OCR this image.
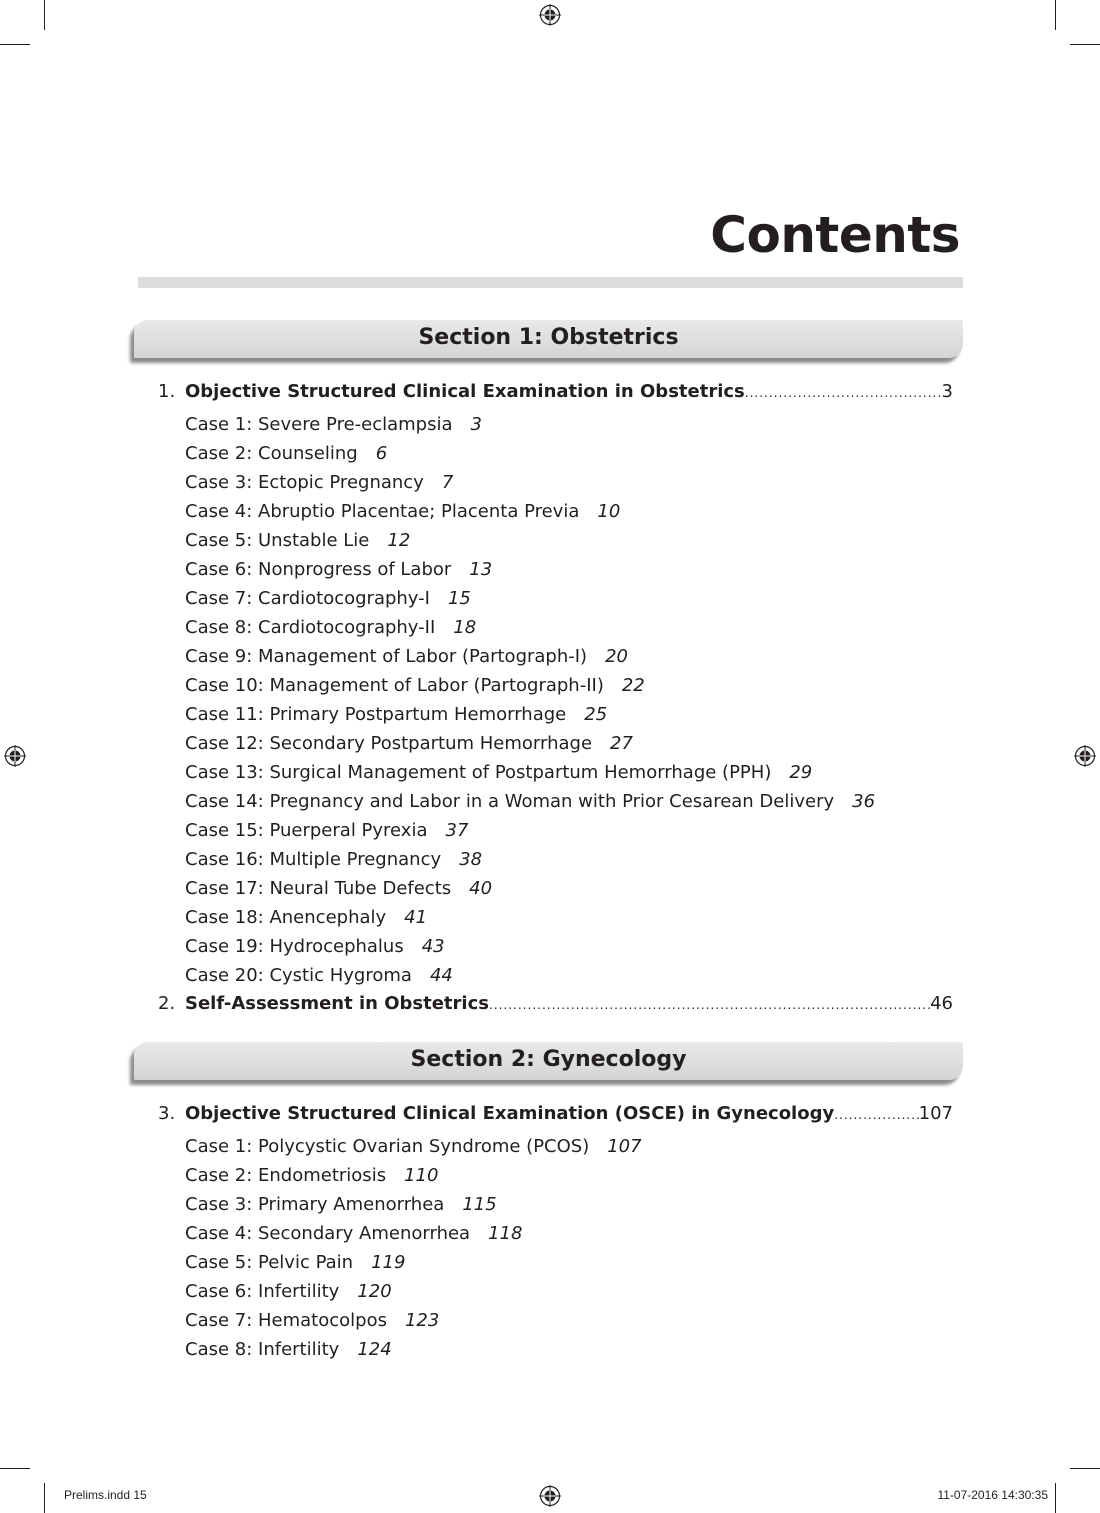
Contents
Section 1: Obstetrics
1. Objective Structured Clinical Examination in Obstetrics .....	3
Case 1: Severe Pre-eclampsia 3
Case 2: Counseling 6
Case 3: Ectopic Pregnancy 7
Case 4: Abruptio Placentae; Placenta Previa 10
Case 5: Unstable Lie 12
Case 6: Nonprogress of Labor 13
Case 7: Cardiotocography-I 15
Case 8: Cardiotocography-II 18
Case 9: Management of Labor (Partograph-I) 20
Case 10: Management of Labor (Partograph-II) 22
Case 11: Primary Postpartum Hemorrhage 25
Case 12: Secondary Postpartum Hemorrhage 27
Case 13: Surgical Management of Postpartum Hemorrhage (PPH) 29
Case 14: Pregnancy and Labor in a Woman with Prior Cesarean Delivery 36
Case 15: Puerperal Pyrexia 37
Case 16: Multiple Pregnancy 38
Case 17: Neural Tube Defects 40
Case 18: Anencephaly 41
Case 19: Hydrocephalus 43
Case 20: Cystic Hygroma 44
2. Self-Assessment in Obstetrics .....	46
Section 2: Gynecology
3. Objective Structured Clinical Examination (OSCE) in Gynecology .....	107
Case 1: Polycystic Ovarian Syndrome (PCOS) 107
Case 2: Endometriosis 110
Case 3: Primary Amenorrhea 115
Case 4: Secondary Amenorrhea 118
Case 5: Pelvic Pain 119
Case 6: Infertility 120
Case 7: Hematocolpos 123
Case 8: Infertility 124
Prelims.indd 15	11-07-2016 14:30:35
